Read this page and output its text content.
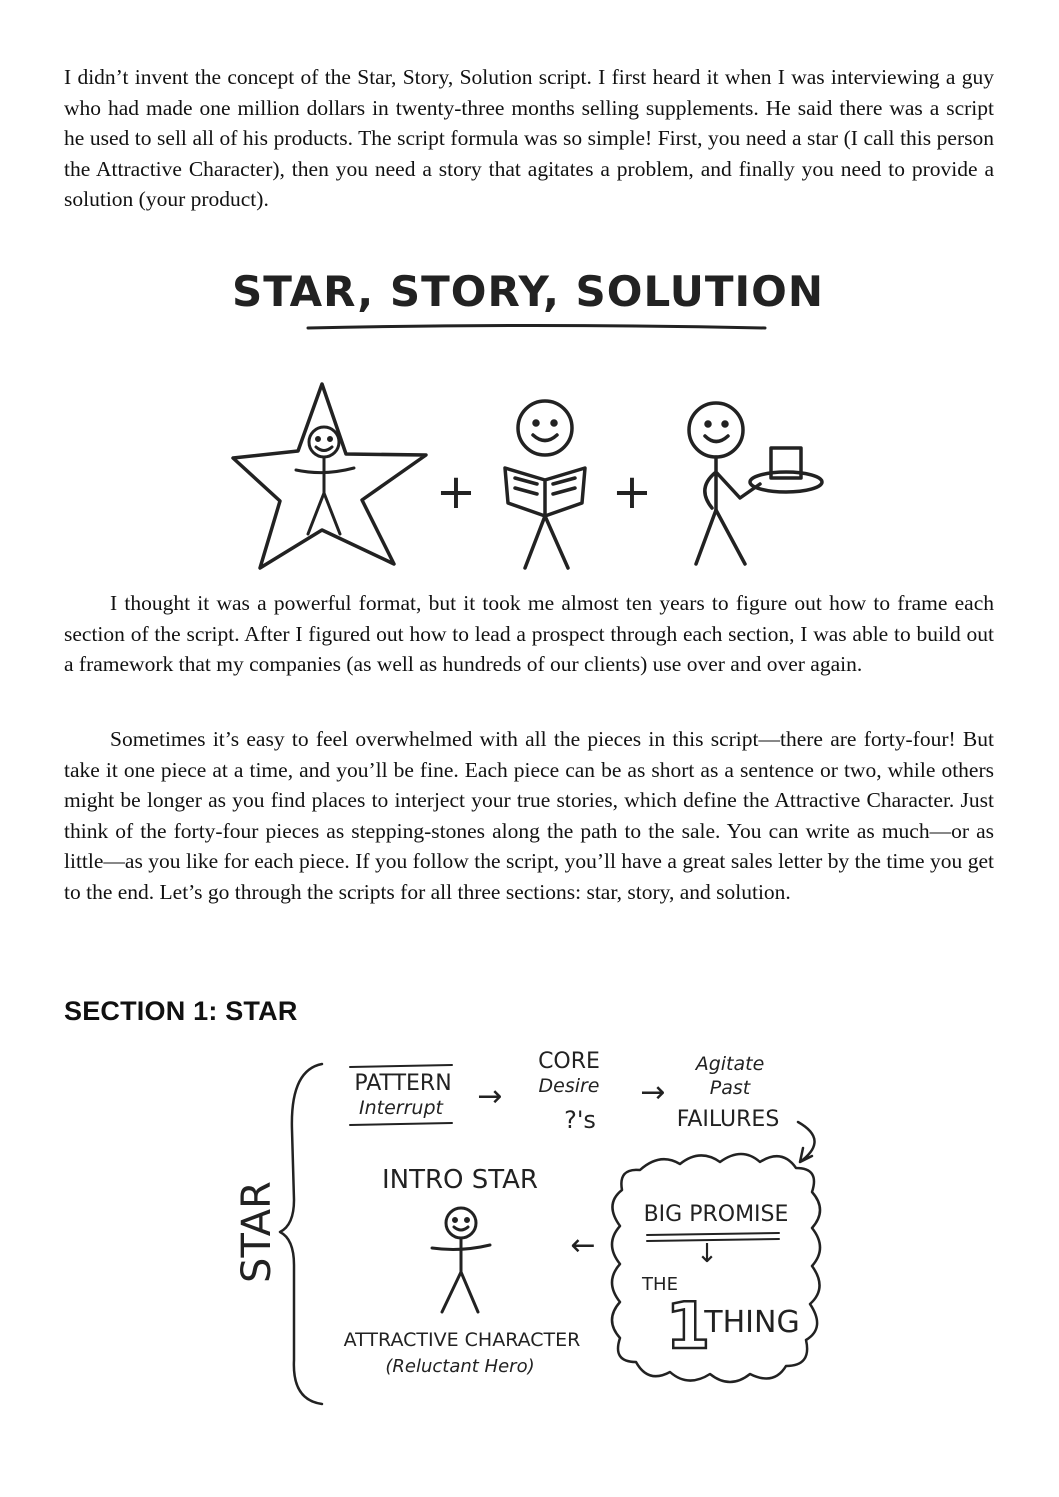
I didn’t invent the concept of the Star, Story, Solution script. I first heard it when I was interviewing a guy who had made one million dollars in twenty-three months selling supplements. He said there was a script he used to sell all of his products. The script formula was so simple! First, you need a star (I call this person the Attractive Character), then you need a story that agitates a problem, and finally you need to provide a solution (your product).

STAR, STORY, SOLUTION
+	+

I thought it was a powerful format, but it took me almost ten years to figure out how to frame each section of the script. After I figured out how to lead a prospect through each section, I was able to build out a framework that my companies (as well as hundreds of our clients) use over and over again.

Sometimes it’s easy to feel overwhelmed with all the pieces in this script—there are forty-four! But take it one piece at a time, and you’ll be fine. Each piece can be as short as a sentence or two, while others might be longer as you find places to interject your true stories, which define the Attractive Character. Just think of the forty-four pieces as stepping-stones along the path to the sale. You can write as much—or as little—as you like for each piece. If you follow the script, you’ll have a great sales letter by the time you get to the end. Let’s go through the scripts for all three sections: star, story, and solution.

SECTION 1: STAR
STAR
PATTERN
Interrupt →
CORE
Desire
?'s
→
Agitate
Past
FAILURES
INTRO STAR
ATTRACTIVE CHARACTER
(Reluctant Hero)
←
BIG PROMISE
↓
THE
1
THING
